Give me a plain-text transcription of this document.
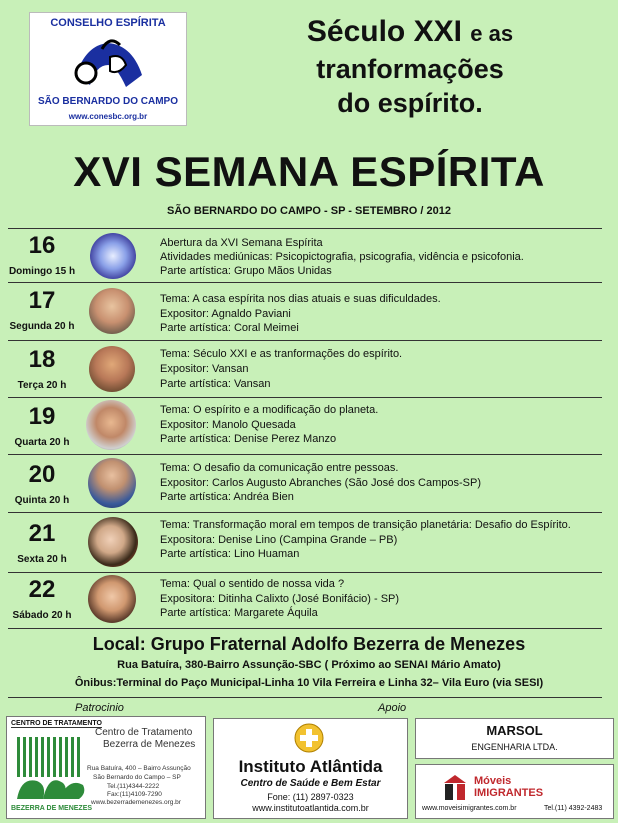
CONSELHO ESPÍRITA
SÃO BERNARDO DO CAMPO
www.conesbc.org.br
Século XXI e as
tranformações
do espírito.
XVI SEMANA ESPÍRITA
SÃO BERNARDO DO CAMPO - SP - SETEMBRO / 2012
16
Domingo 15 h
Abertura da XVI Semana Espírita
Atividades mediúnicas: Psicopictografia, psicografia, vidência e psicofonia.
Parte artística: Grupo Mãos Unidas
17
Segunda 20 h
Tema: A casa espírita nos dias atuais e suas dificuldades.
Expositor: Agnaldo Paviani
Parte artística: Coral Meimei
18
Terça 20 h
Tema: Século XXI e as tranformações do espírito.
Expositor: Vansan
Parte artística: Vansan
19
Quarta 20 h
Tema: O espírito e a modificação do planeta.
Expositor: Manolo Quesada
Parte artística: Denise Perez Manzo
20
Quinta 20 h
Tema: O desafio da comunicação entre pessoas.
Expositor: Carlos Augusto Abranches (São José dos Campos-SP)
Parte artística: Andréa Bien
21
Sexta 20 h
Tema: Transformação moral em tempos de transição planetária: Desafio do Espírito.
Expositora: Denise Lino (Campina Grande – PB)
Parte artística: Lino Huaman
22
Sábado 20 h
Tema: Qual o sentido de nossa vida ?
Expositora: Ditinha Calixto (José Bonifácio) - SP)
Parte artística: Margarete Áquila
Local: Grupo Fraternal Adolfo Bezerra de Menezes
Rua Batuíra, 380-Bairro Assunção-SBC ( Próximo ao SENAI Mário Amato)
Ônibus:Terminal do Paço Municipal-Linha 10 Vila Ferreira e Linha 32– Vila Euro (via SESI)
Patrocinio	Apoio
CENTRO DE TRATAMENTO
BEZERRA DE MENEZES
Centro de Tratamento
Bezerra de Menezes
Rua Batuíra, 400 – Bairro Assunção
São Bernardo do Campo – SP
Tel.(11)4344-2222
Fax:(11)4109-7290
www.bezerrademenezes.org.br
Instituto Atlântida
Centro de Saúde e Bem Estar
Fone: (11) 2897-0323
www.institutoatlantida.com.br
MARSOL
ENGENHARIA LTDA.
Móveis
IMIGRANTES
www.moveisimigrantes.com.br	Tel.(11) 4392-2483
